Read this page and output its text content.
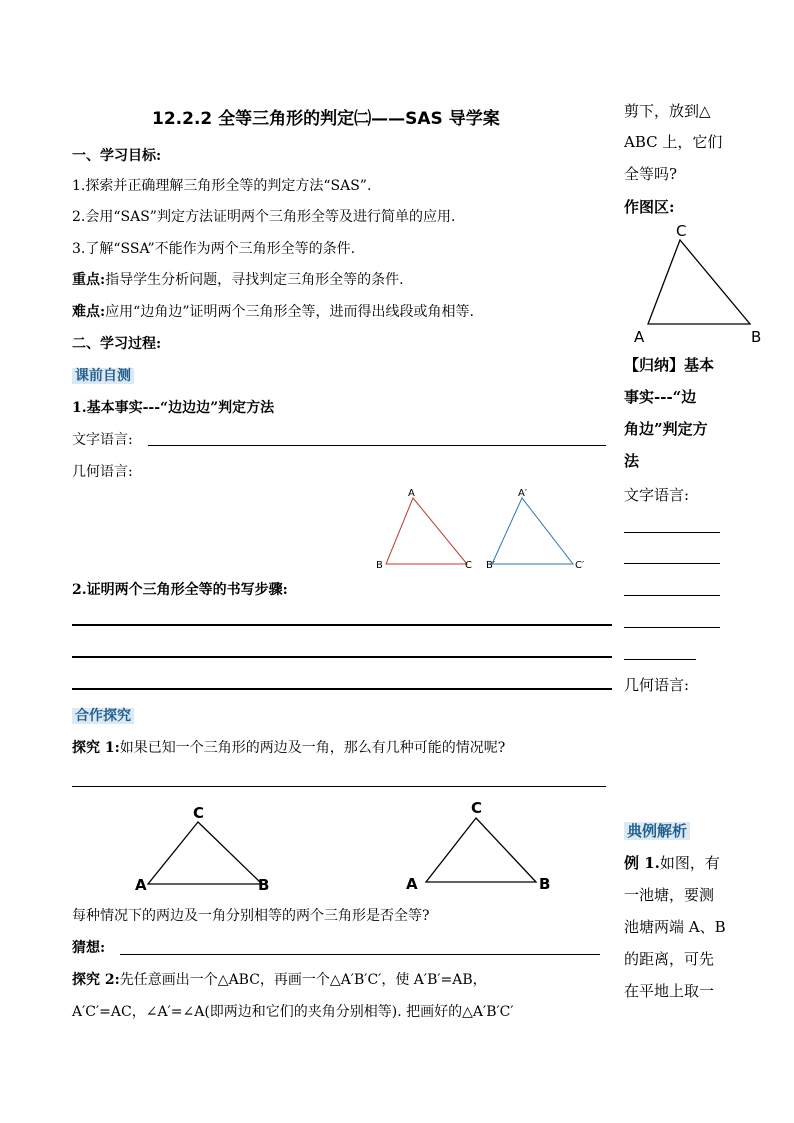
12.2.2 全等三角形的判定㈡——SAS 导学案
一、学习目标:
1.探索并正确理解三角形全等的判定方法“SAS”.
2.会用“SAS”判定方法证明两个三角形全等及进行简单的应用.
3.了解“SSA”不能作为两个三角形全等的条件.
重点:指导学生分析问题，寻找判定三角形全等的条件.
难点:应用“边角边”证明两个三角形全等，进而得出线段或角相等.
二、学习过程:
课前自测
1.基本事实---“边边边”判定方法
文字语言:
几何语言:
A
B	C
A′
B′	C′
2.证明两个三角形全等的书写步骤:
合作探究
探究 1:如果已知一个三角形的两边及一角，那么有几种可能的情况呢?
C
A	B
C
A	B
每种情况下的两边及一角分别相等的两个三角形是否全等?
猜想:
探究 2:先任意画出一个△ABC，再画一个△A′B′C′，使 A′B′=AB，
A′C′=AC，∠A′=∠A(即两边和它们的夹角分别相等). 把画好的△A′B′C′
剪下，放到△
ABC 上，它们
全等吗?
作图区:
C
A	B
【归纳】基本
事实---“边
角边”判定方
法
文字语言:
几何语言:
典例解析
例 1.如图，有
一池塘，要测
池塘两端 A、B
的距离，可先
在平地上取一
